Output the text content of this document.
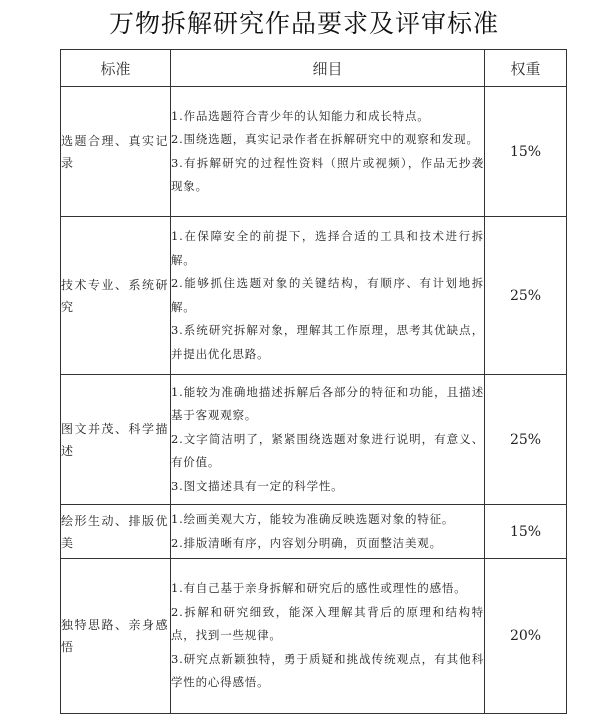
万物拆解研究作品要求及评审标准
标准	细目	权重
选题合理、真实记录	1.作品选题符合青少年的认知能力和成长特点。

2.围绕选题，真实记录作者在拆解研究中的观察和发现。

3.有拆解研究的过程性资料（照片或视频），作品无抄袭现象。	15%
技术专业、系统研究	1.在保障安全的前提下，选择合适的工具和技术进行拆解。

2.能够抓住选题对象的关键结构，有顺序、有计划地拆解。

3.系统研究拆解对象，理解其工作原理，思考其优缺点，并提出优化思路。	25%
图文并茂、科学描述	1.能较为准确地描述拆解后各部分的特征和功能，且描述基于客观观察。

2.文字简洁明了，紧紧围绕选题对象进行说明，有意义、有价值。

3.图文描述具有一定的科学性。	25%
绘形生动、排版优美	1.绘画美观大方，能较为准确反映选题对象的特征。

2.排版清晰有序，内容划分明确，页面整洁美观。	15%
独特思路、亲身感悟	1.有自己基于亲身拆解和研究后的感性或理性的感悟。

2.拆解和研究细致，能深入理解其背后的原理和结构特点，找到一些规律。

3.研究点新颖独特，勇于质疑和挑战传统观点，有其他科学性的心得感悟。	20%
